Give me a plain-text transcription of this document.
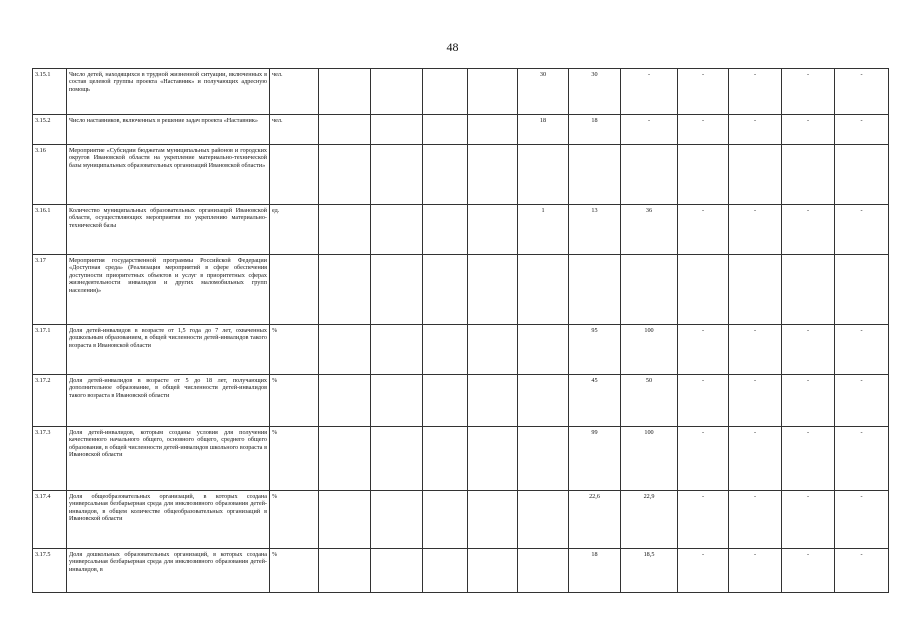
48
3.15.1	Число детей, находящихся в трудной жизненной ситуации, включенных в состав целевой группы проекта «Наставник» и получающих адресную помощь	чел.					30	30	-	-	-	-	-
3.15.2	Число наставников, включенных в решение задач проекта «Наставник»	чел.					18	18	-	-	-	-	-
3.16	Мероприятие «Субсидии бюджетам муниципальных районов и городских округов Ивановской области на укрепление материально-технической базы муниципальных образовательных организаций Ивановской области»												
3.16.1	Количество муниципальных образовательных организаций Ивановской области, осуществляющих мероприятия по укреплению материально-технической базы	ед.					1	13	36	-	-	-	-
3.17	Мероприятия государственной программы Российской Федерации «Доступная среда» (Реализация мероприятий в сфере обеспечения доступности приоритетных объектов и услуг в приоритетных сферах жизнедеятельности инвалидов и других маломобильных групп населения)»												
3.17.1	Доля детей-инвалидов в возрасте от 1,5 года до 7 лет, охваченных дошкольным образованием, в общей численности детей-инвалидов такого возраста в Ивановской области	%						95	100	-	-	-	-
3.17.2	Доля детей-инвалидов в возрасте от 5 до 18 лет, получающих дополнительное образование, в общей численности детей-инвалидов такого возраста в Ивановской области	%						45	50	-	-	-	-
3.17.3	Доля детей-инвалидов, которым созданы условия для получения качественного начального общего, основного общего, среднего общего образования, в общей численности детей-инвалидов школьного возраста в Ивановской области	%						99	100	-	-	-	-
3.17.4	Доля общеобразовательных организаций, в которых создана универсальная безбарьерная среда для инклюзивного образования детей-инвалидов, в общем количестве общеобразовательных организаций в Ивановской области	%						22,6	22,9	-	-	-	-
3.17.5	Доля дошкольных образовательных организаций, в которых создана универсальная безбарьерная среда для инклюзивного образования детей-инвалидов, в	%						18	18,5	-	-	-	-
